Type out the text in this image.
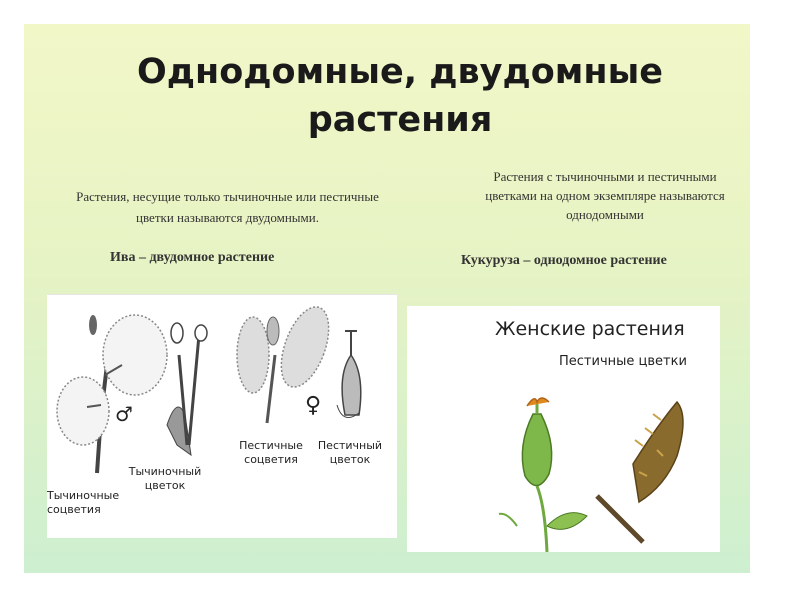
Однодомные, двудомные
растения
Растения, несущие только тычиночные или пестичные цветки называются двудомными.
Ива – двудомное растение
Растения с тычиночными и пестичными цветками на одном экземпляре называются однодомными
Кукуруза – однодомное растение
♂	♀
Тычиночный цветок
Тычиночные соцветия
Пестичные соцветия
Пестичный цветок
Женские растения
Пестичные цветки
